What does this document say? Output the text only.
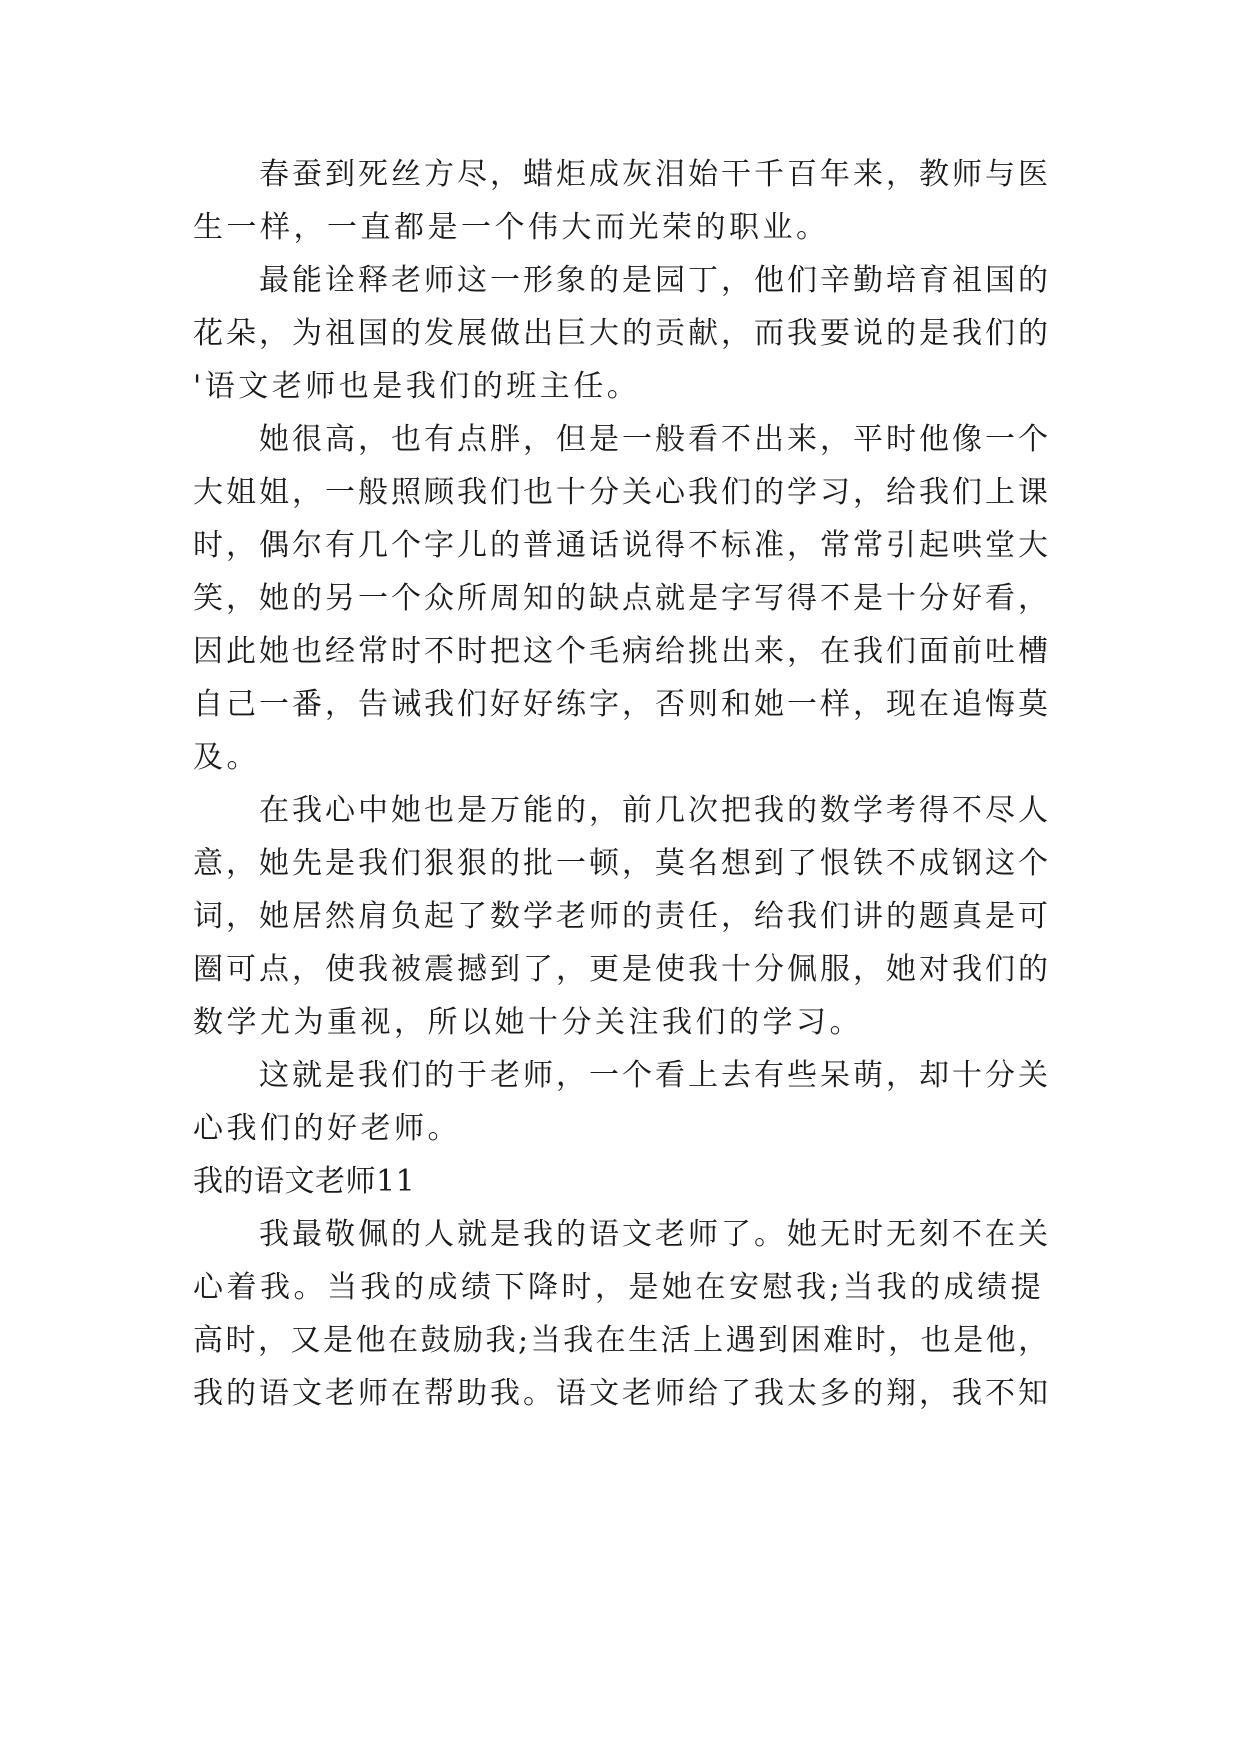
春蚕到死丝方尽，蜡炬成灰泪始干千百年来，教师与医
生一样，一直都是一个伟大而光荣的职业。
最能诠释老师这一形象的是园丁，他们辛勤培育祖国的
花朵，为祖国的发展做出巨大的贡献，而我要说的是我们的
'语文老师也是我们的班主任。
她很高，也有点胖，但是一般看不出来，平时他像一个
大姐姐，一般照顾我们也十分关心我们的学习，给我们上课
时，偶尔有几个字儿的普通话说得不标准，常常引起哄堂大
笑，她的另一个众所周知的缺点就是字写得不是十分好看，
因此她也经常时不时把这个毛病给挑出来，在我们面前吐槽
自己一番，告诫我们好好练字，否则和她一样，现在追悔莫
及。
在我心中她也是万能的，前几次把我的数学考得不尽人
意，她先是我们狠狠的批一顿，莫名想到了恨铁不成钢这个
词，她居然肩负起了数学老师的责任，给我们讲的题真是可
圈可点，使我被震撼到了，更是使我十分佩服，她对我们的
数学尤为重视，所以她十分关注我们的学习。
这就是我们的于老师，一个看上去有些呆萌，却十分关
心我们的好老师。
我的语文老师11
我最敬佩的人就是我的语文老师了。她无时无刻不在关
心着我。当我的成绩下降时，是她在安慰我;当我的成绩提
高时，又是他在鼓励我;当我在生活上遇到困难时，也是他，
我的语文老师在帮助我。语文老师给了我太多的翔，我不知
